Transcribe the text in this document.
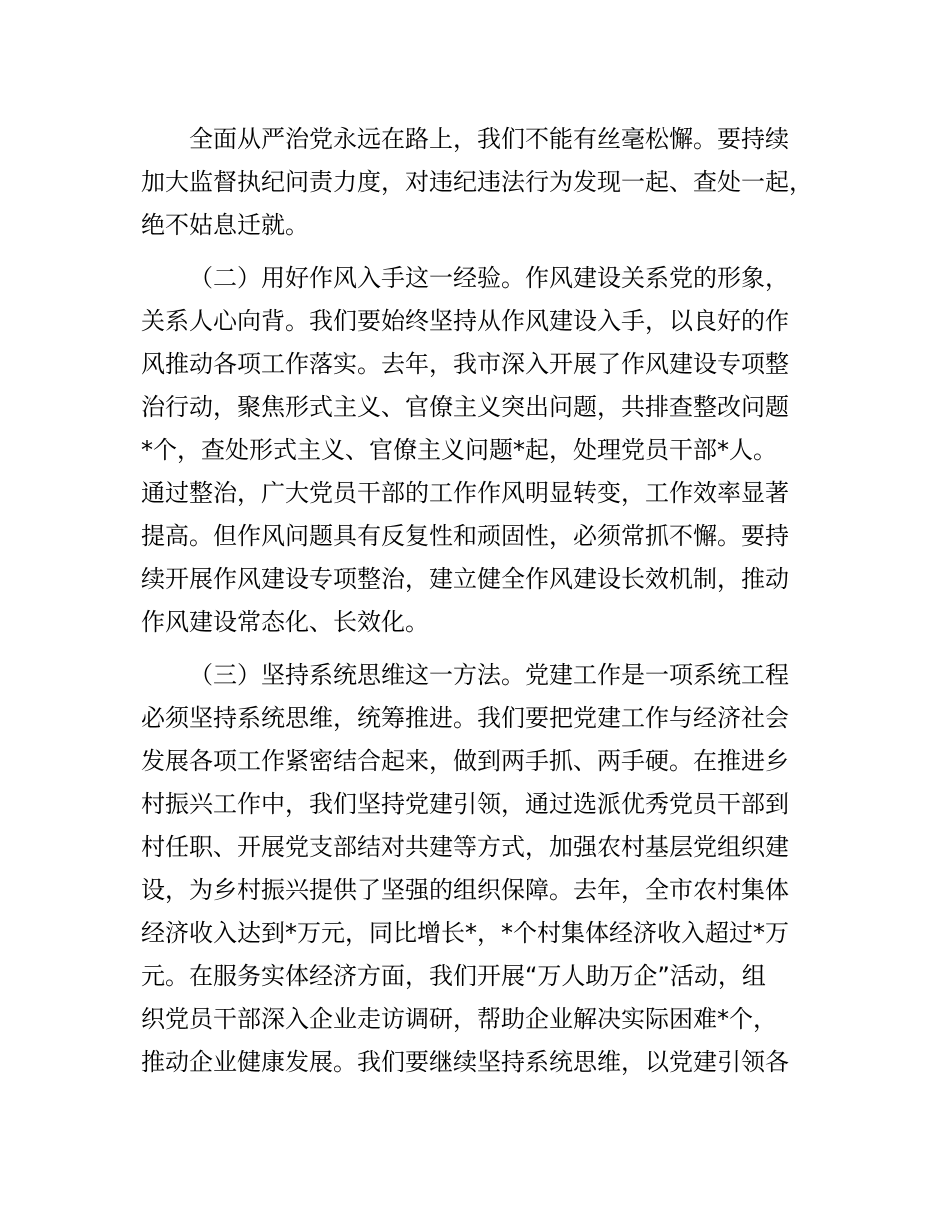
全面从严治党永远在路上，我们不能有丝毫松懈。要持续
加大监督执纪问责力度，对违纪违法行为发现一起、查处一起，
绝不姑息迁就。
（二）用好作风入手这一经验。作风建设关系党的形象，
关系人心向背。我们要始终坚持从作风建设入手，以良好的作
风推动各项工作落实。去年，我市深入开展了作风建设专项整
治行动，聚焦形式主义、官僚主义突出问题，共排查整改问题
*个，查处形式主义、官僚主义问题*起，处理党员干部*人。
通过整治，广大党员干部的工作作风明显转变，工作效率显著
提高。但作风问题具有反复性和顽固性，必须常抓不懈。要持
续开展作风建设专项整治，建立健全作风建设长效机制，推动
作风建设常态化、长效化。
（三）坚持系统思维这一方法。党建工作是一项系统工程
必须坚持系统思维，统筹推进。我们要把党建工作与经济社会
发展各项工作紧密结合起来，做到两手抓、两手硬。在推进乡
村振兴工作中，我们坚持党建引领，通过选派优秀党员干部到
村任职、开展党支部结对共建等方式，加强农村基层党组织建
设，为乡村振兴提供了坚强的组织保障。去年，全市农村集体
经济收入达到*万元，同比增长*，*个村集体经济收入超过*万
元。在服务实体经济方面，我们开展“万人助万企”活动，组
织党员干部深入企业走访调研，帮助企业解决实际困难*个，
推动企业健康发展。我们要继续坚持系统思维，以党建引领各
